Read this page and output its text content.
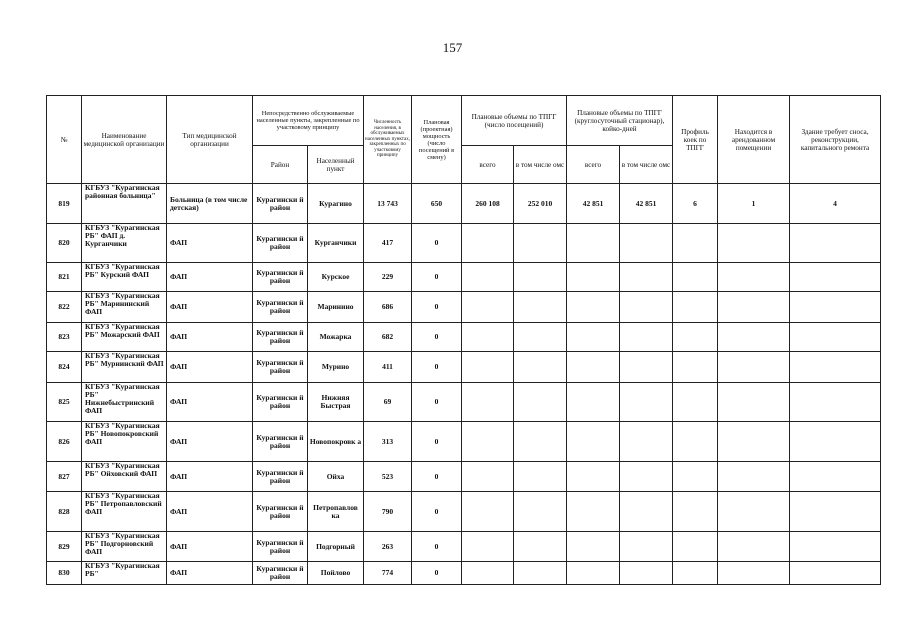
157
№	Наименование медицинской организации	Тип медицинской организации	Непосредственно обслуживаемые населенные пункты, закрепленные по участковому принципу		Численность населения, в обслуживаемых населенных пунктах, закрепленных по участковому принципу	Плановая (проектная) мощность (число посещений в смену)	Плановые объемы по ТПГГ (число посещений)		Плановые объемы по ТПГГ (круглосуточный стационар), койко-дней		Профиль коек по ТПГГ	Находится в арендованном помещении	Здание требует сноса, реконструкции, капитального ремонта
			Район	Населенный пункт			всего	в том числе омс	всего	в том числе омс			
819	КГБУЗ "Курагинская районная больница"	Больница (в том числе детская)	Курагински й район	Курагино	13 743	650	260 108	252 010	42 851	42 851	6	1	4
820	КГБУЗ "Курагинская РБ" ФАП д. Курганчики	ФАП	Курагински й район	Курганчики	417	0							
821	КГБУЗ "Курагинская РБ" Курский ФАП	ФАП	Курагински й район	Курское	229	0							
822	КГБУЗ "Курагинская РБ" Марининский ФАП	ФАП	Курагински й район	Маринино	686	0							
823	КГБУЗ "Курагинская РБ" Можарский ФАП	ФАП	Курагински й район	Можарка	682	0							
824	КГБУЗ "Курагинская РБ" Мурнинский ФАП	ФАП	Курагински й район	Мурино	411	0							
825	КГБУЗ "Курагинская РБ" Нижнебыстринский ФАП	ФАП	Курагински й район	Нижняя Быстрая	69	0							
826	КГБУЗ "Курагинская РБ" Новопокровский ФАП	ФАП	Курагински й район	Новопокровк а	313	0							
827	КГБУЗ "Курагинская РБ" Ойховский ФАП	ФАП	Курагински й район	Ойха	523	0							
828	КГБУЗ "Курагинская РБ" Петропавловский ФАП	ФАП	Курагински й район	Петропавлов ка	790	0							
829	КГБУЗ "Курагинская РБ" Подгорновский ФАП	ФАП	Курагински й район	Подгорный	263	0							
830	КГБУЗ "Курагинская РБ"	ФАП	Курагински й район	Пойлово	774	0							
